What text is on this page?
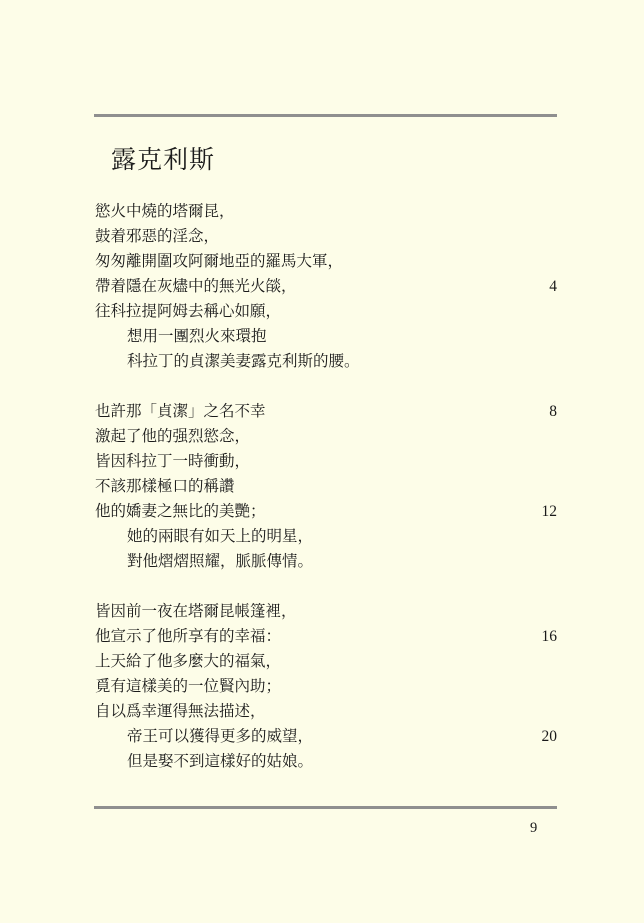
露克利斯
慾火中燒的塔爾昆，
鼓着邪惡的淫念，
匆匆離開圍攻阿爾地亞的羅馬大軍，
帶着隱在灰燼中的無光火燄，	4
往科拉提阿姆去稱心如願，
想用一團烈火來環抱
科拉丁的貞潔美妻露克利斯的腰。
也許那「貞潔」之名不幸	8
激起了他的强烈慾念，
皆因科拉丁一時衝動，
不該那樣極口的稱讚
他的嬌妻之無比的美艷；	12
她的兩眼有如天上的明星，
對他熠熠照耀，脈脈傳情。
皆因前一夜在塔爾昆帳篷裡，
他宣示了他所享有的幸福：	16
上天給了他多麼大的福氣，
覓有這樣美的一位賢內助；
自以爲幸運得無法描述，
帝王可以獲得更多的威望，	20
但是娶不到這樣好的姑娘。
9
